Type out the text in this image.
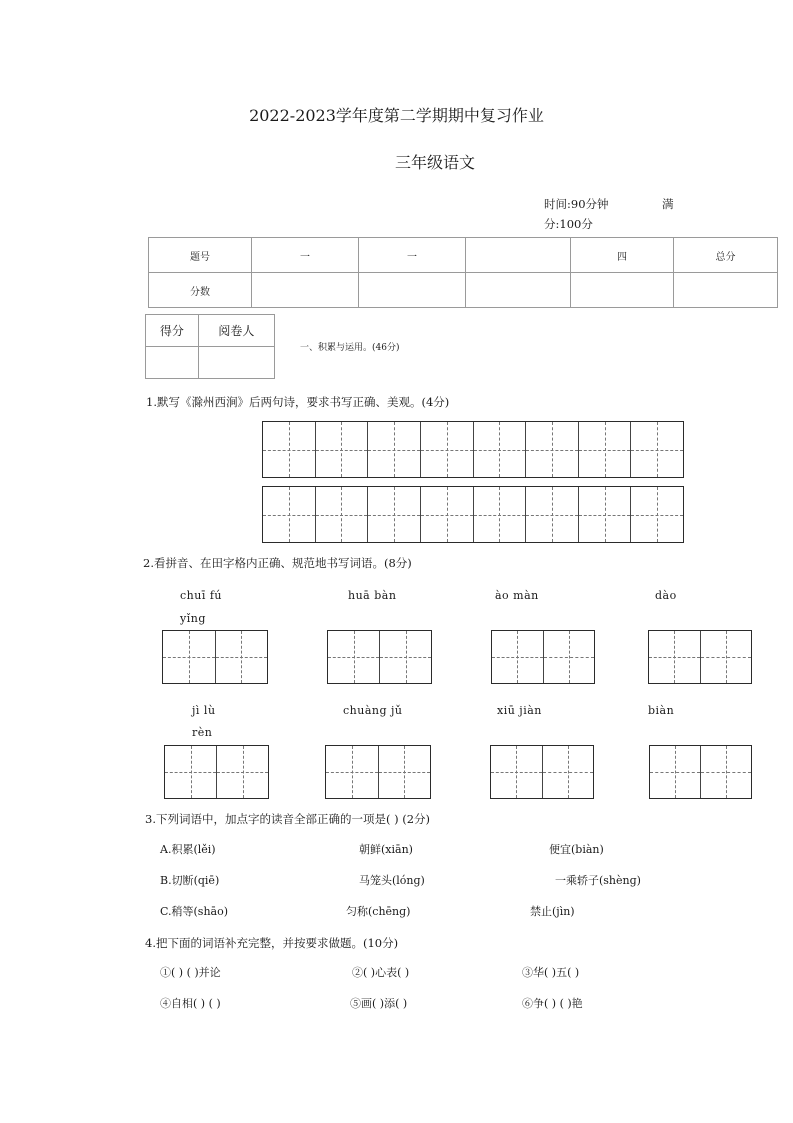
2022-2023学年度第二学期期中复习作业
三年级语文
时间:90分钟	满
分:100分
题号	一	一		四	总分
分数					
得分	阅卷人

一、积累与运用。(46分)
1.默写《滁州西涧》后两句诗，要求书写正确、美观。(4分)
2.看拼音、在田字格内正确、规范地书写词语。(8分)
chuī fú	huā bàn	ào màn	dào
yǐng
jì lù	chuàng jǔ	xiū jiàn	biàn
rèn
3.下列词语中，加点字的读音全部正确的一项是( ) (2分)
A.积累(lěi)	朝鲜(xiān)	便宜(biàn)
B.切断(qiē)	马笼头(lónɡ)	一乘轿子(shènɡ)
C.稍等(shāo)	匀称(chēnɡ)	禁止(jìn)
4.把下面的词语补充完整，并按要求做题。(10分)
①( ) ( )并论	②( )心表( )	③华( )五( )
④自相( ) ( )	⑤画( )添( )	⑥争( ) ( )艳
